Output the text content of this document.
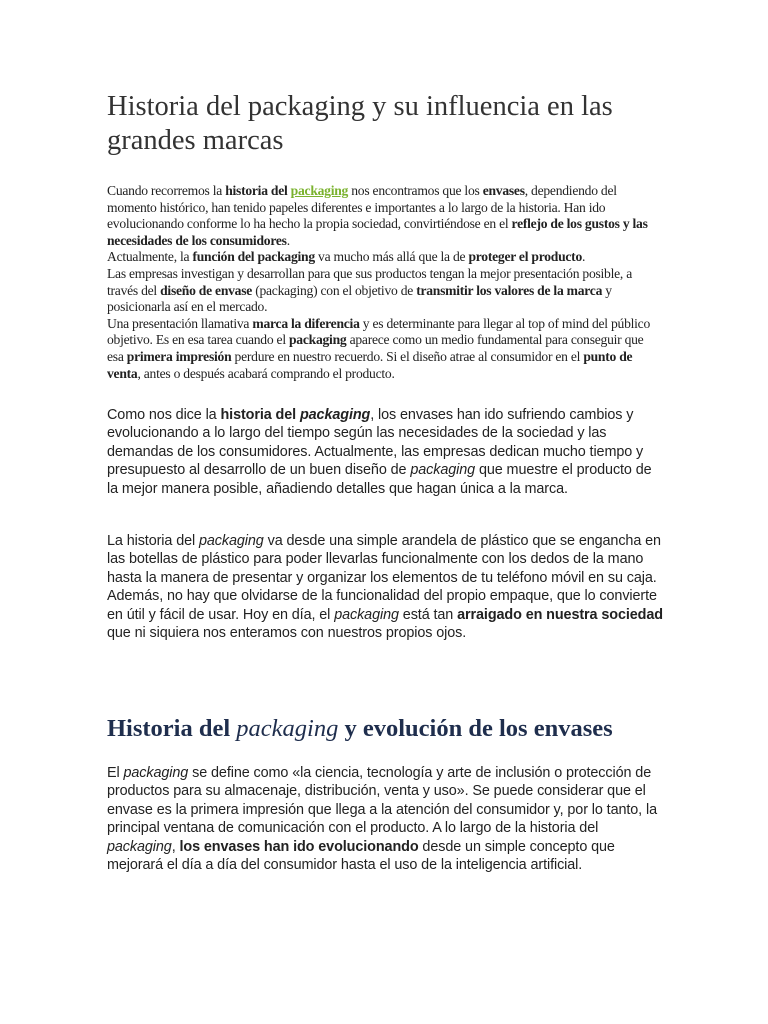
Historia del packaging y su influencia en las grandes marcas

Cuando recorremos la historia del packaging nos encontramos que los envases, dependiendo del momento histórico, han tenido papeles diferentes e importantes a lo largo de la historia. Han ido evolucionando conforme lo ha hecho la propia sociedad, convirtiéndose en el reflejo de los gustos y las necesidades de los consumidores.

Actualmente, la función del packaging va mucho más allá que la de proteger el producto.

Las empresas investigan y desarrollan para que sus productos tengan la mejor presentación posible, a través del diseño de envase (packaging) con el objetivo de transmitir los valores de la marca y posicionarla así en el mercado.

Una presentación llamativa marca la diferencia y es determinante para llegar al top of mind del público objetivo. Es en esa tarea cuando el packaging aparece como un medio fundamental para conseguir que esa primera impresión perdure en nuestro recuerdo. Si el diseño atrae al consumidor en el punto de venta, antes o después acabará comprando el producto.

Como nos dice la historia del packaging, los envases han ido sufriendo cambios y evolucionando a lo largo del tiempo según las necesidades de la sociedad y las demandas de los consumidores. Actualmente, las empresas dedican mucho tiempo y presupuesto al desarrollo de un buen diseño de packaging que muestre el producto de la mejor manera posible, añadiendo detalles que hagan única a la marca.

La historia del packaging va desde una simple arandela de plástico que se engancha en las botellas de plástico para poder llevarlas funcionalmente con los dedos de la mano hasta la manera de presentar y organizar los elementos de tu teléfono móvil en su caja. Además, no hay que olvidarse de la funcionalidad del propio empaque, que lo convierte en útil y fácil de usar. Hoy en día, el packaging está tan arraigado en nuestra sociedad que ni siquiera nos enteramos con nuestros propios ojos.

Historia del packaging y evolución de los envases

El packaging se define como «la ciencia, tecnología y arte de inclusión o protección de productos para su almacenaje, distribución, venta y uso». Se puede considerar que el envase es la primera impresión que llega a la atención del consumidor y, por lo tanto, la principal ventana de comunicación con el producto. A lo largo de la historia del packaging, los envases han ido evolucionando desde un simple concepto que mejorará el día a día del consumidor hasta el uso de la inteligencia artificial.
